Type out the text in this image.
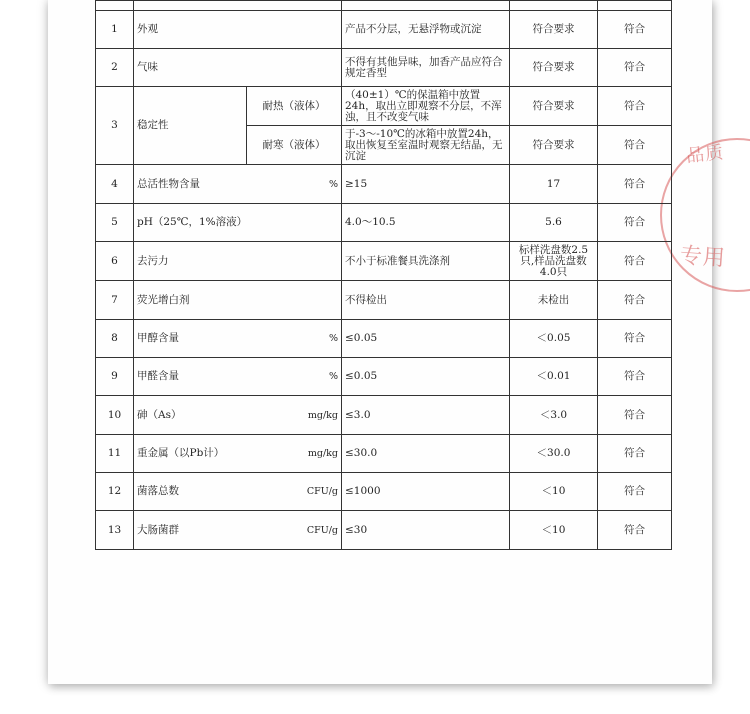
品质
专用

1	外观		产品不分层，无悬浮物或沉淀	符合要求	符合
2	气味		不得有其他异味，加香产品应符合规定香型	符合要求	符合
3	稳定性	耐热（液体）	（40±1）℃的保温箱中放置24h，取出立即观察不分层，不浑浊，且不改变气味	符合要求	符合
		耐寒（液体）	于-3～-10℃的冰箱中放置24h，取出恢复至室温时观察无结晶，无沉淀	符合要求	符合
4	总活性物含量 %		≥15	17	符合
5	pH（25℃，1%溶液）		4.0～10.5	5.6	符合
6	去污力		不小于标准餐具洗涤剂	标样洗盘数2.5只,样品洗盘数4.0只	符合
7	荧光增白剂		不得检出	未检出	符合
8	甲醇含量 %		≤0.05	＜0.05	符合
9	甲醛含量 %		≤0.05	＜0.01	符合
10	砷（As） mg/kg		≤3.0	＜3.0	符合
11	重金属（以Pb计） mg/kg		≤30.0	＜30.0	符合
12	菌落总数 CFU/g		≤1000	＜10	符合
13	大肠菌群 CFU/g		≤30	＜10	符合
